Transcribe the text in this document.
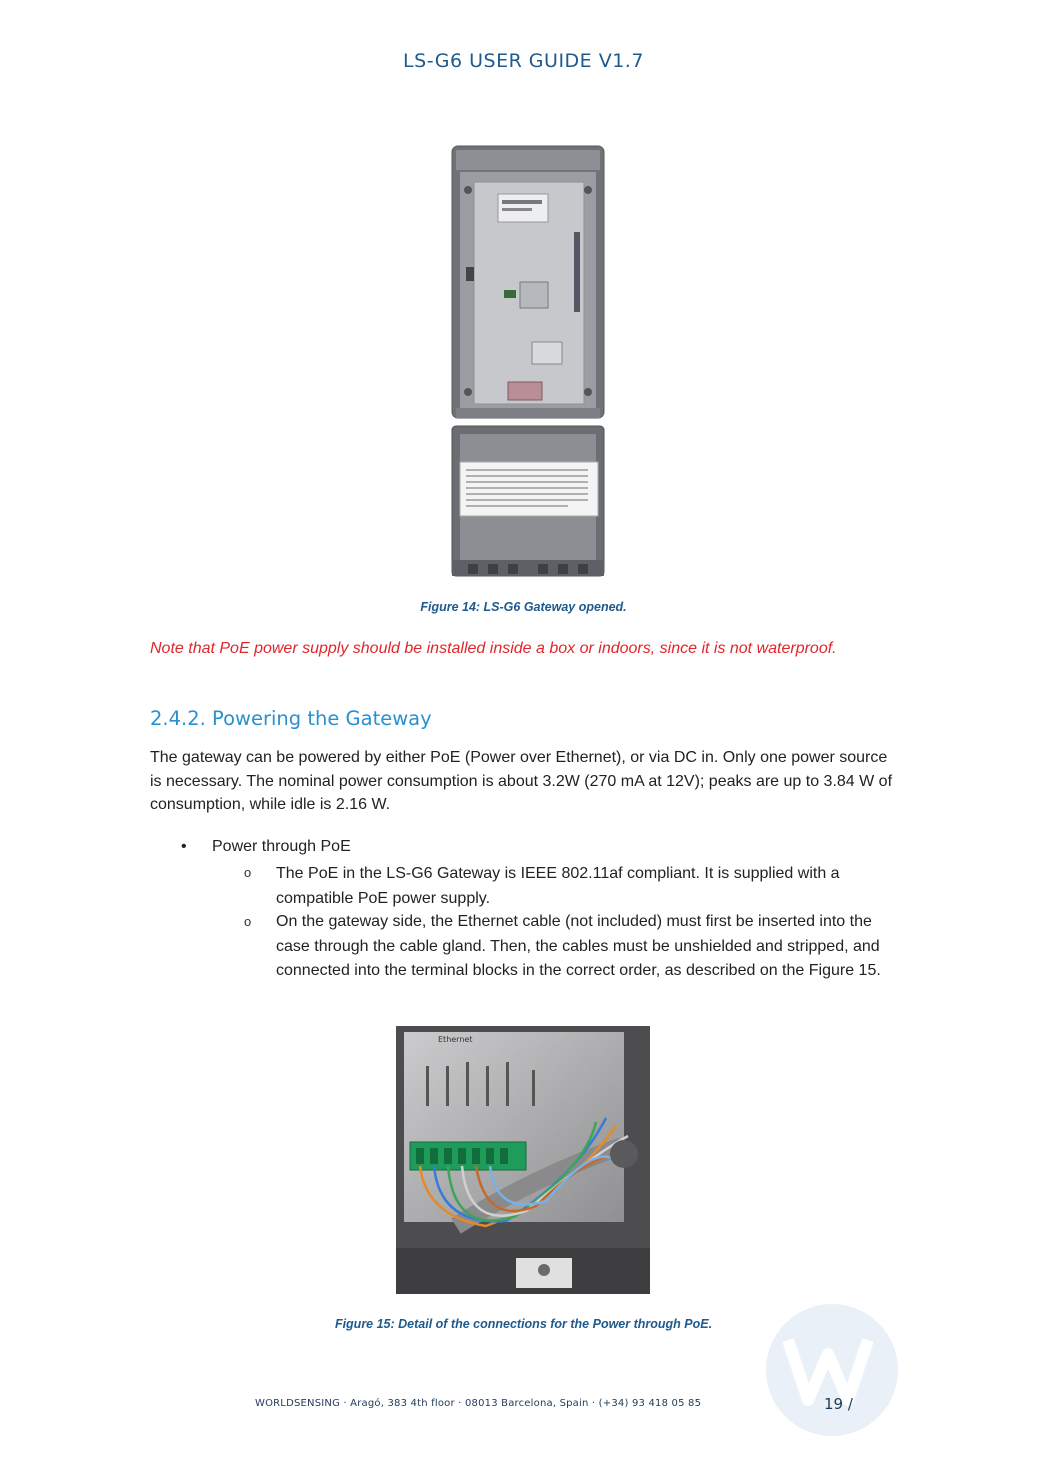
LS-G6 USER GUIDE V1.7
Figure 14: LS-G6 Gateway opened.
Note that PoE power supply should be installed inside a box or indoors, since it is not waterproof.
2.4.2. Powering the Gateway
The gateway can be powered by either PoE (Power over Ethernet), or via DC in. Only one power source is necessary. The nominal power consumption is about 3.2W (270 mA at 12V); peaks are up to 3.84 W of consumption, while idle is 2.16 W.
• Power through PoE
o The PoE in the LS-G6 Gateway is IEEE 802.11af compliant. It is supplied with a compatible PoE power supply.
o On the gateway side, the Ethernet cable (not included) must first be inserted into the case through the cable gland. Then, the cables must be unshielded and stripped, and connected into the terminal blocks in the correct order, as described on the Figure 15.
Ethernet
Figure 15: Detail of the connections for the Power through PoE.
WORLDSENSING · Aragó, 383 4th floor · 08013 Barcelona, Spain · (+34) 93 418 05 85	19 /
